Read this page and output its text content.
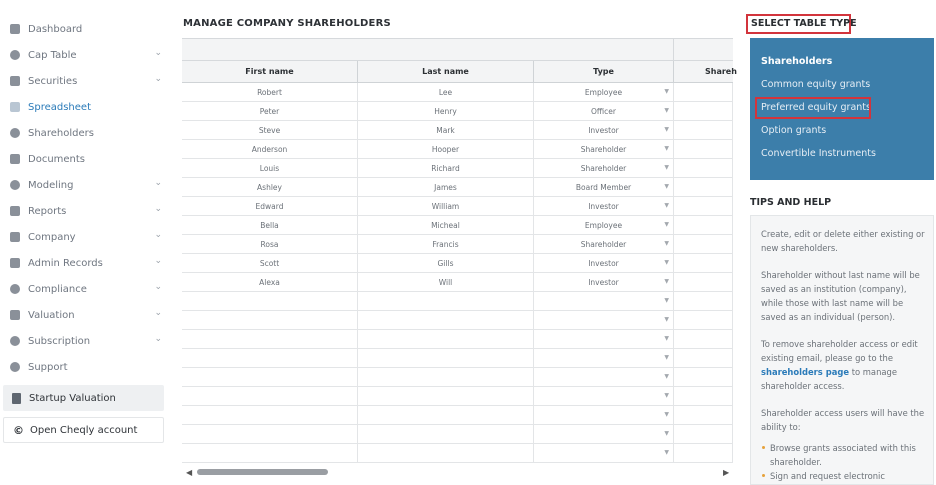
Dashboard
Cap Table	⌄
Securities	⌄
Spreadsheet
Shareholders
Documents
Modeling	⌄
Reports	⌄
Company	⌄
Admin Records	⌄
Compliance	⌄
Valuation	⌄
Subscription	⌄
Support
Startup Valuation
© Open Cheqly account
MANAGE COMPANY SHAREHOLDERS
First name	Last name	Type	Shareh
Robert	Lee	Employee	▼
Peter	Henry	Officer	▼
Steve	Mark	Investor	▼
Anderson	Hooper	Shareholder	▼
Louis	Richard	Shareholder	▼
Ashley	James	Board Member	▼
Edward	William	Investor	▼
Bella	Micheal	Employee	▼
Rosa	Francis	Shareholder	▼
Scott	Gills	Investor	▼
Alexa	Will	Investor	▼
▼
▼
▼
▼
▼
▼
▼
▼
▼
◀	▶
SELECT TABLE TYPE
Shareholders
Common equity grants
Preferred equity grants
Option grants
Convertible Instruments
TIPS AND HELP
Create, edit or delete either existing or new shareholders.
Shareholder without last name will be saved as an institution (company), while those with last name will be saved as an individual (person).
To remove shareholder access or edit existing email, please go to the shareholders page to manage shareholder access.
Shareholder access users will have the ability to:
Browse grants associated with this shareholder.
Sign and request electronic
